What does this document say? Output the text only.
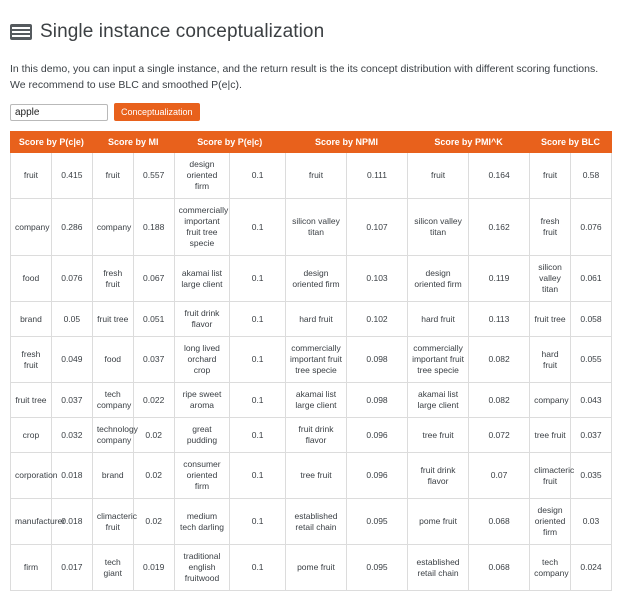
Single instance conceptualization

In this demo, you can input a single instance, and the return result is the its concept distribution with different scoring functions. We recommend to use BLC and smoothed P(e|c).

apple
Conceptualization
Score by P(c|e)		Score by MI		Score by P(e|c)		Score by NPMI		Score by PMI^K		Score by BLC	
fruit	0.415	fruit	0.557	design oriented firm	0.1	fruit	0.111	fruit	0.164	fruit	0.58
company	0.286	company	0.188	commercially important fruit tree specie	0.1	silicon valley titan	0.107	silicon valley titan	0.162	fresh fruit	0.076
food	0.076	fresh fruit	0.067	akamai list large client	0.1	design oriented firm	0.103	design oriented firm	0.119	silicon valley titan	0.061
brand	0.05	fruit tree	0.051	fruit drink flavor	0.1	hard fruit	0.102	hard fruit	0.113	fruit tree	0.058
fresh fruit	0.049	food	0.037	long lived orchard crop	0.1	commercially important fruit tree specie	0.098	commercially important fruit tree specie	0.082	hard fruit	0.055
fruit tree	0.037	tech company	0.022	ripe sweet aroma	0.1	akamai list large client	0.098	akamai list large client	0.082	company	0.043
crop	0.032	technology company	0.02	great pudding	0.1	fruit drink flavor	0.096	tree fruit	0.072	tree fruit	0.037
corporation	0.018	brand	0.02	consumer oriented firm	0.1	tree fruit	0.096	fruit drink flavor	0.07	climacteric fruit	0.035
manufacturer	0.018	climacteric fruit	0.02	medium tech darling	0.1	established retail chain	0.095	pome fruit	0.068	design oriented firm	0.03
firm	0.017	tech giant	0.019	traditional english fruitwood	0.1	pome fruit	0.095	established retail chain	0.068	tech company	0.024
